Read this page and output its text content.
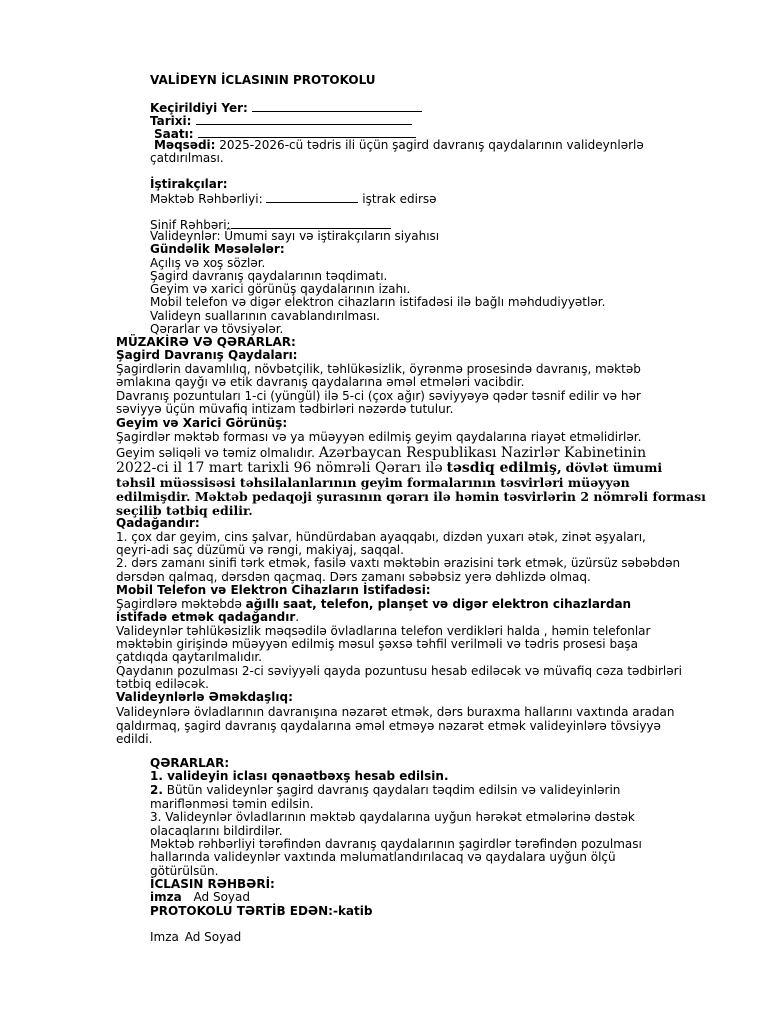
VALİDEYN İCLASININ PROTOKOLU
Keçirildiyi Yer:
Tarixi:
Saatı:
Məqsədi: 2025-2026-cü tədris ili üçün şagird davranış qaydalarının valideynlərlə
çatdırılması.
İştirakçılar:
Məktəb Rəhbərliyi:	iştrak edirsə
Sinif Rəhbəri:
Valideynlər: Ümumi sayı və iştirakçıların siyahısı
Gündəlik Məsələlər:
Açılış və xoş sözlər.
Şagird davranış qaydalarının təqdimatı.
Geyim və xarici görünüş qaydalarının izahı.
Mobil telefon və digər elektron cihazların istifadəsi ilə bağlı məhdudiyyətlər.
Valideyn suallarının cavablandırılması.
Qərarlar və tövsiyələr.
MÜZAKİRƏ VƏ QƏRARLAR:
Şagird Davranış Qaydaları:
Şagirdlərin davamlılıq, növbətçilik, təhlükəsizlik, öyrənmə prosesində davranış, məktəb
əmlakına qayğı və etik davranış qaydalarına əməl etmələri vacibdir.
Davranış pozuntuları 1-ci (yüngül) ilə 5-ci (çox ağır) səviyyəyə qədər təsnif edilir və hər
səviyyə üçün müvafiq intizam tədbirləri nəzərdə tutulur.
Geyim və Xarici Görünüş:
Şagirdlər məktəb forması və ya müəyyən edilmiş geyim qaydalarına riayət etməlidirlər.
Geyim səliqəli və təmiz olmalıdır. Azərbaycan Respublikası Nazirlər Kabinetinin
2022-ci il 17 mart tarixli 96 nömrəli Qərarı ilə təsdiq edilmiş, dövlət ümumi
təhsil müəssisəsi təhsilalanlarının geyim formalarının təsvirləri müəyyən
edilmişdir. Məktəb pedaqoji şurasının qərarı ilə həmin təsvirlərin 2 nömrəli forması
seçilib tətbiq edilir.
Qadağandır:
1. çox dar geyim, cins şalvar, hündürdaban ayaqqabı, dizdən yuxarı ətək, zinət əşyaları,
qeyri-adi saç düzümü və rəngi, makiyaj, saqqal.
2. dərs zamanı sinifi tərk etmək, fasilə vaxtı məktəbin ərazisini tərk etmək, üzürsüz səbəbdən
dərsdən qalmaq, dərsdən qaçmaq. Dərs zamanı səbəbsiz yerə dəhlizdə olmaq.
Mobil Telefon və Elektron Cihazların İstifadəsi:
Şagirdlərə məktəbdə ağıllı saat, telefon, planşet və digər elektron cihazlardan
istifadə etmək qadağandır.
Valideynlər təhlükəsizlik məqsədilə övladlarına telefon verdikləri halda , həmin telefonlar
məktəbin girişində müəyyən edilmiş məsul şəxsə təhfil verilməli və tədris prosesi başa
çatdıqda qaytarılmalıdır.
Qaydanın pozulması 2-ci səviyyəli qayda pozuntusu hesab ediləcək və müvafiq cəza tədbirləri
tətbiq ediləcək.
Valideynlərlə Əməkdaşlıq:
Valideynlərə övladlarının davranışına nəzarət etmək, dərs buraxma hallarını vaxtında aradan
qaldırmaq, şagird davranış qaydalarına əməl etməyə nəzarət etmək valideyinlərə tövsiyyə
edildi.
QƏRARLAR:
1. valideyin iclası qənaətbəxş hesab edilsin.
2. Bütün valideynlər şagird davranış qaydaları təqdim edilsin və valideyinlərin
mariflənməsi təmin edilsin.
3. Valideynlər övladlarının məktəb qaydalarına uyğun hərəkət etmələrinə dəstək
olacaqlarını bildirdilər.
Məktəb rəhbərliyi tərəfindən davranış qaydalarının şagirdlər tərəfindən pozulması
hallarında valideynlər vaxtında məlumatlandırılacaq və qaydalara uyğun ölçü
götürülsün.
İCLASIN RƏHBƏRİ:
imza Ad Soyad
PROTOKOLU TƏRTİB EDƏN:-katib
Imza Ad Soyad
